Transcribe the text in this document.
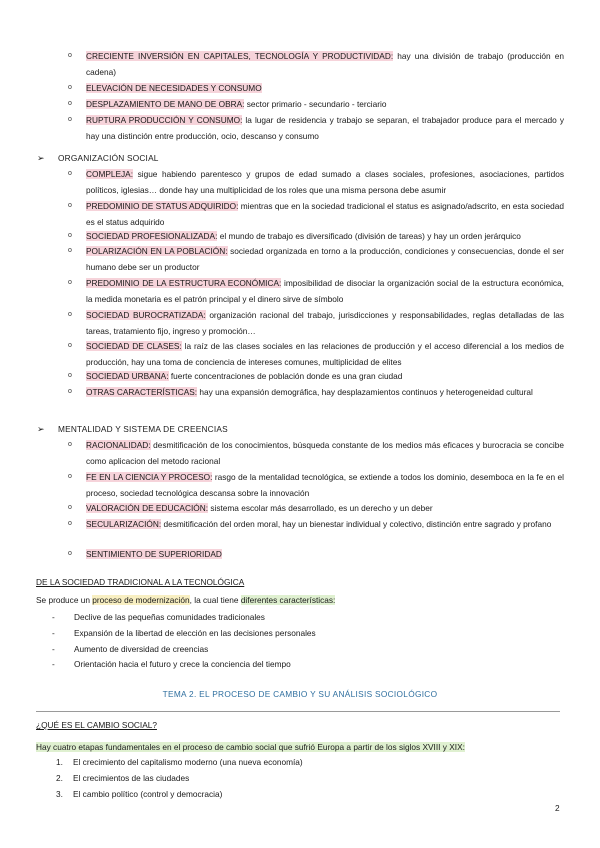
o CRECIENTE INVERSIÓN EN CAPITALES, TECNOLOGÍA Y PRODUCTIVIDAD: hay una división de trabajo (producción en cadena)
o ELEVACIÓN DE NECESIDADES Y CONSUMO
o DESPLAZAMIENTO DE MANO DE OBRA: sector primario - secundario - terciario
o RUPTURA PRODUCCIÓN Y CONSUMO: la lugar de residencia y trabajo se separan, el trabajador produce para el mercado y hay una distinción entre producción, ocio, descanso y consumo
➢ ORGANIZACIÓN SOCIAL
o COMPLEJA: sigue habiendo parentesco y grupos de edad sumado a clases sociales, profesiones, asociaciones, partidos políticos, iglesias… donde hay una multiplicidad de los roles que una misma persona debe asumir
o PREDOMINIO DE STATUS ADQUIRIDO: mientras que en la sociedad tradicional el status es asignado/adscrito, en esta sociedad es el status adquirido
o SOCIEDAD PROFESIONALIZADA: el mundo de trabajo es diversificado (división de tareas) y hay un orden jerárquico
o POLARIZACIÓN EN LA POBLACIÓN: sociedad organizada en torno a la producción, condiciones y consecuencias, donde el ser humano debe ser un productor
o PREDOMINIO DE LA ESTRUCTURA ECONÓMICA: imposibilidad de disociar la organización social de la estructura económica, la medida monetaria es el patrón principal y el dinero sirve de símbolo
o SOCIEDAD BUROCRATIZADA: organización racional del trabajo, jurisdicciones y responsabilidades, reglas detalladas de las tareas, tratamiento fijo, ingreso y promoción…
o SOCIEDAD DE CLASES: la raíz de las clases sociales en las relaciones de producción y el acceso diferencial a los medios de producción, hay una toma de conciencia de intereses comunes, multiplicidad de elites
o SOCIEDAD URBANA: fuerte concentraciones de población donde es una gran ciudad
o OTRAS CARACTERÍSTICAS: hay una expansión demográfica, hay desplazamientos continuos y heterogeneidad cultural
➢ MENTALIDAD Y SISTEMA DE CREENCIAS
o RACIONALIDAD: desmitificación de los conocimientos, búsqueda constante de los medios más eficaces y burocracia se concibe como aplicacion del metodo racional
o FE EN LA CIENCIA Y PROCESO: rasgo de la mentalidad tecnológica, se extiende a todos los dominio, desemboca en la fe en el proceso, sociedad tecnológica descansa sobre la innovación
o VALORACIÓN DE EDUCACIÓN: sistema escolar más desarrollado, es un derecho y un deber
o SECULARIZACIÓN: desmitificación del orden moral, hay un bienestar individual y colectivo, distinción entre sagrado y profano
o SENTIMIENTO DE SUPERIORIDAD
DE LA SOCIEDAD TRADICIONAL A LA TECNOLÓGICA
Se produce un proceso de modernización, la cual tiene diferentes características:
- Declive de las pequeñas comunidades tradicionales
- Expansión de la libertad de elección en las decisiones personales
- Aumento de diversidad de creencias
- Orientación hacia el futuro y crece la conciencia del tiempo
TEMA 2. EL PROCESO DE CAMBIO Y SU ANÁLISIS SOCIOLÓGICO
¿QUÉ ES EL CAMBIO SOCIAL?
Hay cuatro etapas fundamentales en el proceso de cambio social que sufrió Europa a partir de los siglos XVIII y XIX:
1. El crecimiento del capitalismo moderno (una nueva economía)
2. El crecimientos de las ciudades
3. El cambio político (control y democracia)
2
